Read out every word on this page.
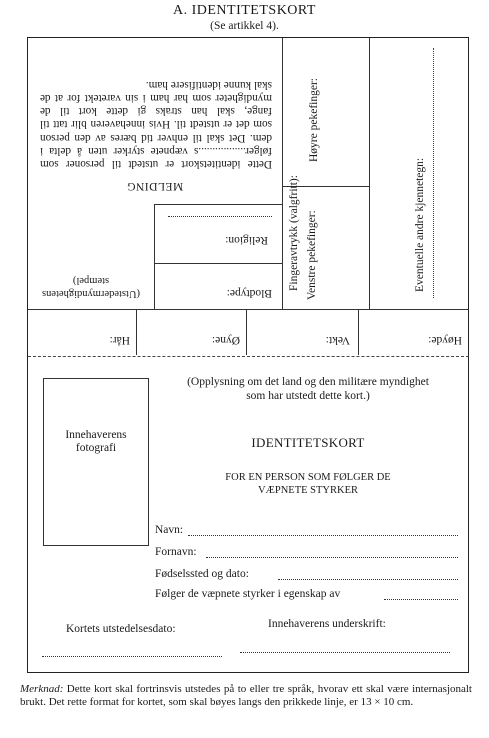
A. IDENTITETSKORT
(Se artikkel 4).
MELDING
Dette identitetskort er utstedt til personer som følger.................s væpnete styrker uten å delta i dem. Det skal til enhver tid bæres av den person som det er utstedt til. Hvis innehaveren blir tatt til fange, skal han straks gi dette kort til de myndigheter som har ham i sin varetekt for at de skal kunne identifisere ham.
Religion:
Blodtype:
(Utstedermyndighetens stempel)	Fingeravtrykk (valgfritt): Venstre pekefinger:
Høyre pekefinger:
Eventuelle andre kjennetegn:
Hår:	Øyne:	Vekt:	Høyde:
(Opplysning om det land og den militære myndighet som har utstedt dette kort.)
Innehaverens fotografi	IDENTITETSKORT
FOR EN PERSON SOM FØLGER DE
VÆPNETE STYRKER
Navn:
Fornavn:
Fødselssted og dato:
Følger de væpnete styrker i egenskap av
Kortets utstedelsesdato:	Innehaverens underskrift:
Merknad: Dette kort skal fortrinsvis utstedes på to eller tre språk, hvorav ett skal være internasjonalt brukt. Det rette format for kortet, som skal bøyes langs den prikkede linje, er 13 × 10 cm.
